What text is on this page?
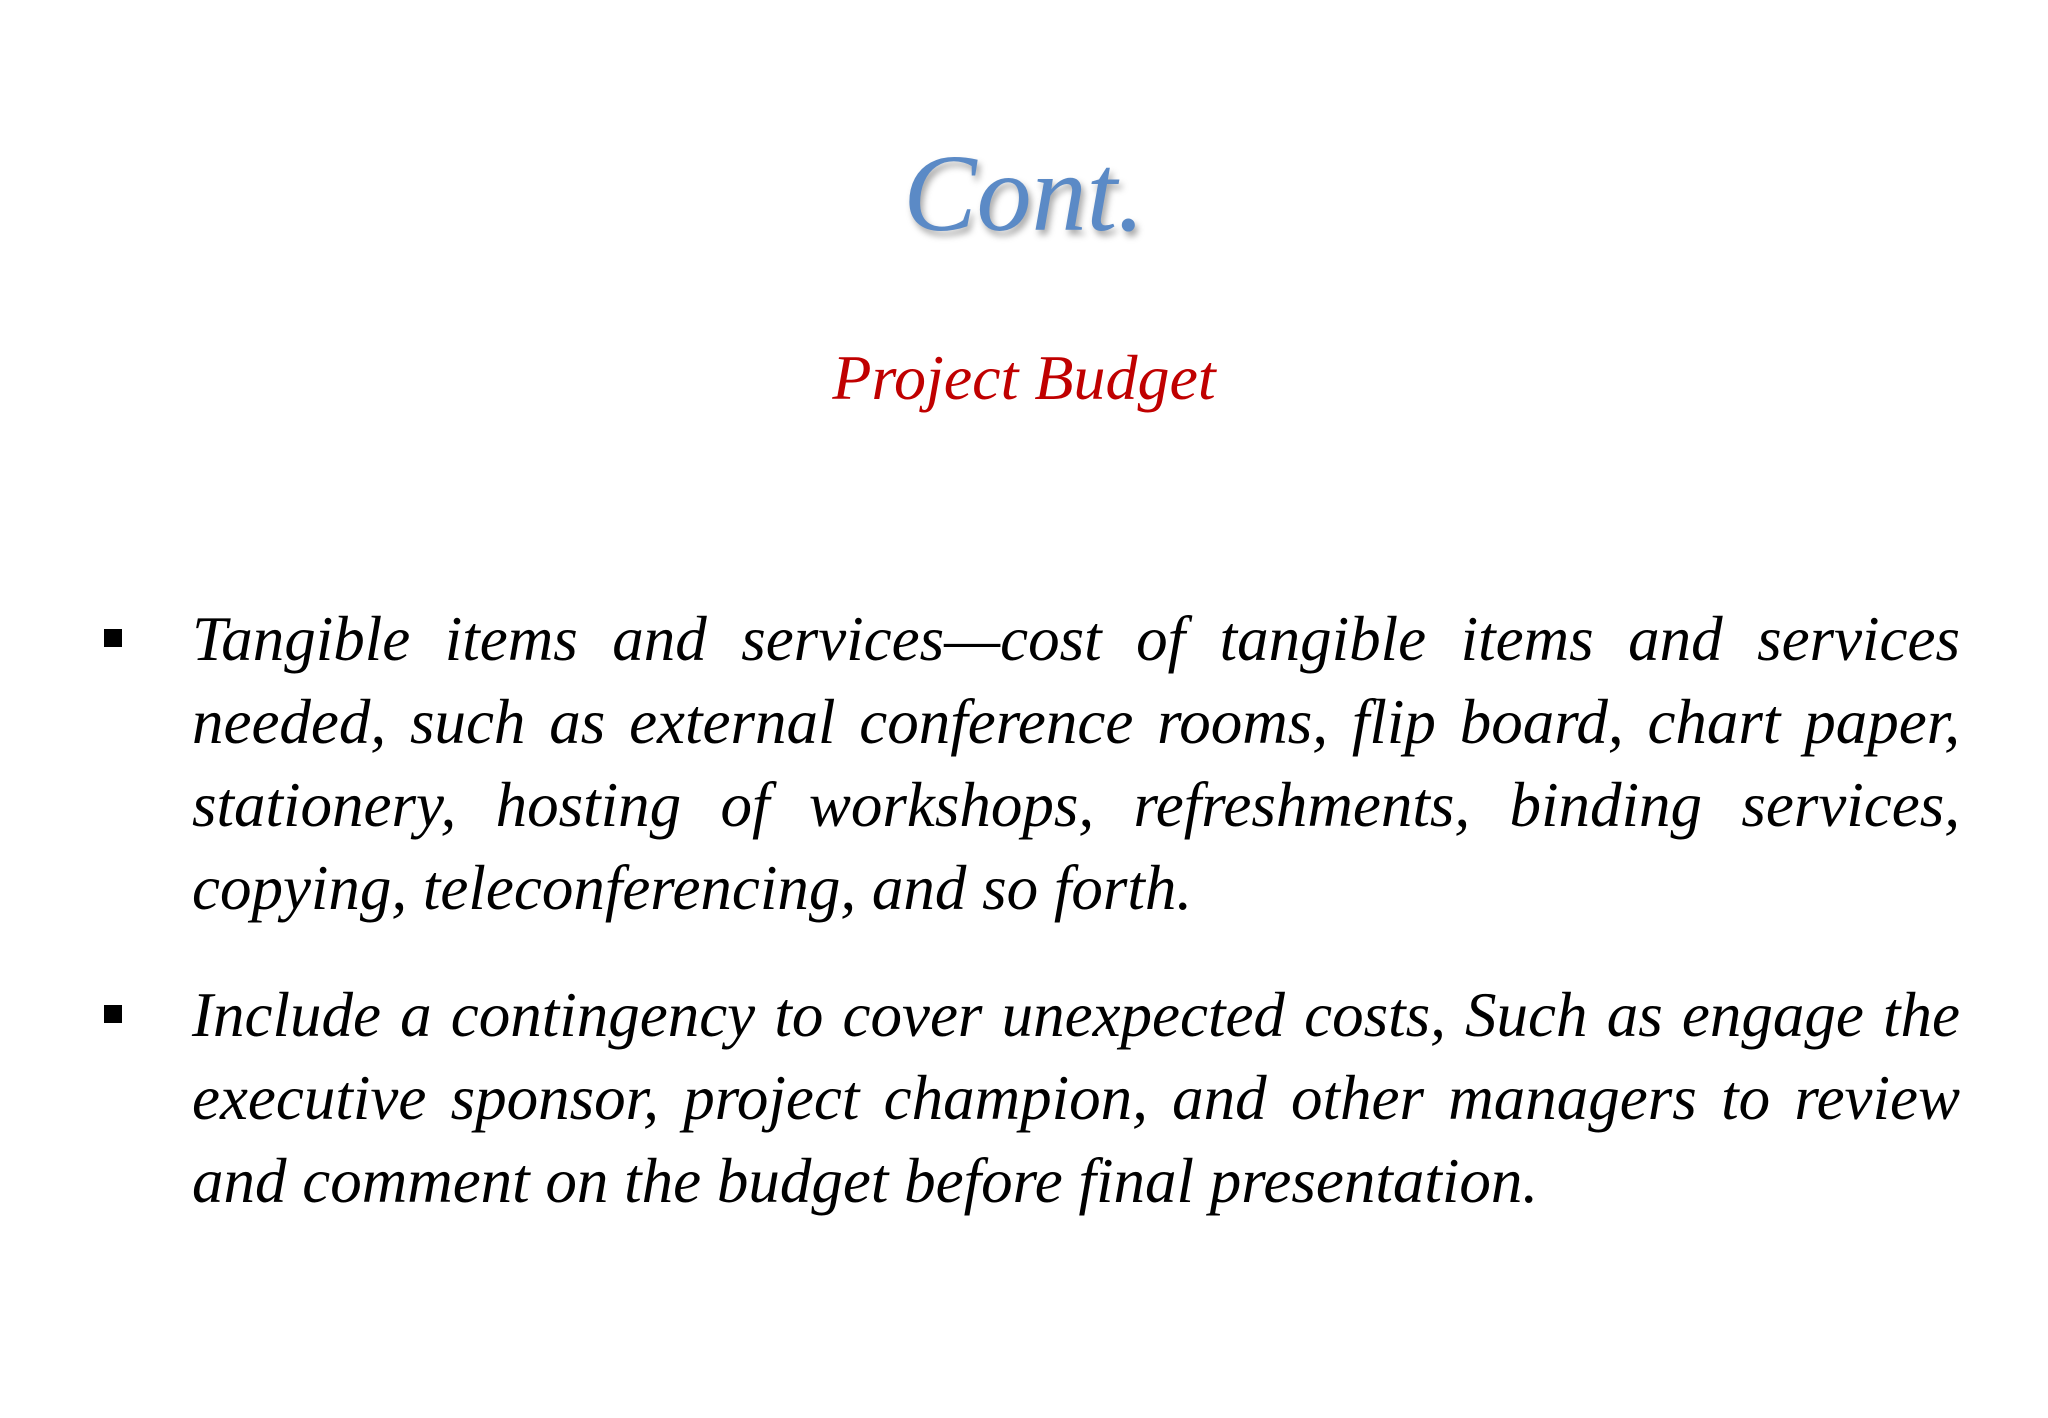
Cont.
Project Budget
Tangible items and services—cost of tangible items and services needed, such as external conference rooms, flip board, chart paper, stationery, hosting of workshops, refreshments, binding services, copying, teleconferencing, and so forth.
Include a contingency to cover unexpected costs, Such as engage the executive sponsor, project champion, and other managers to review and comment on the budget before final presentation.
